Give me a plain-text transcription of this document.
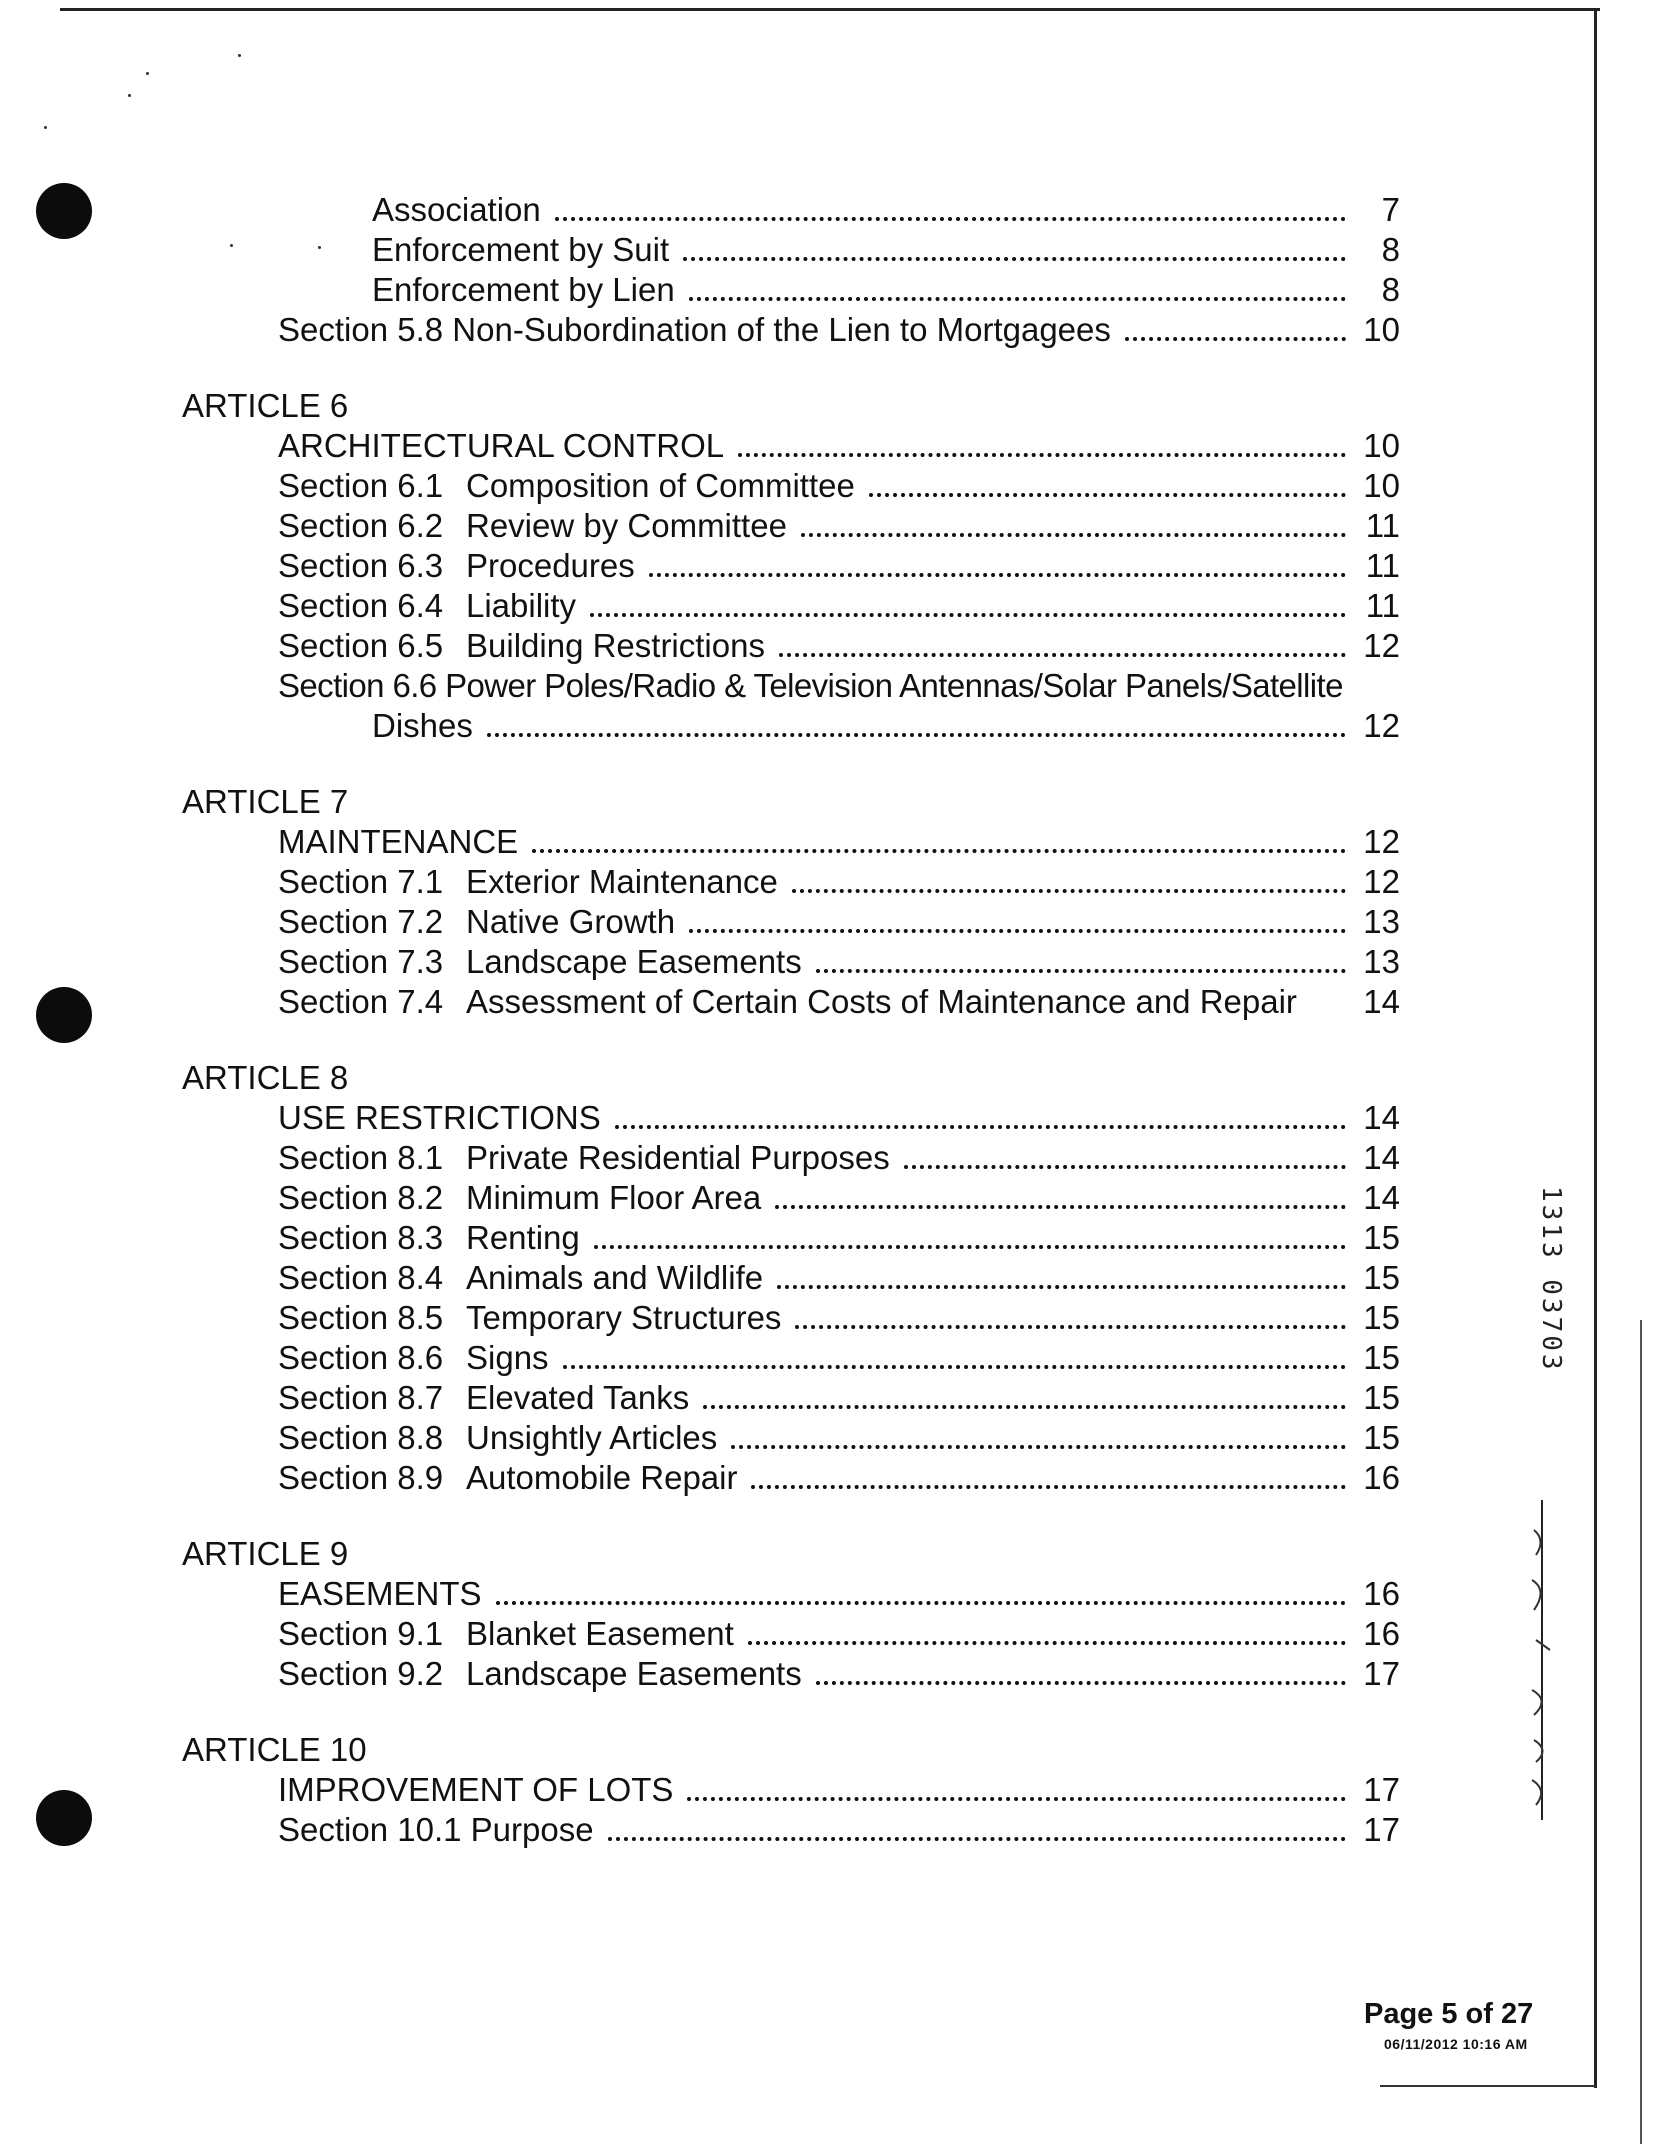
Association	7
Enforcement by Suit	8
Enforcement by Lien	8
Section 5.8 Non-Subordination of the Lien to Mortgagees	10
ARTICLE 6
ARCHITECTURAL CONTROL	10
Section 6.1 Composition of Committee	10
Section 6.2 Review by Committee	11
Section 6.3 Procedures	11
Section 6.4 Liability	11
Section 6.5 Building Restrictions	12
Section 6.6 Power Poles/Radio & Television Antennas/Solar Panels/Satellite
Dishes	12
ARTICLE 7
MAINTENANCE	12
Section 7.1 Exterior Maintenance	12
Section 7.2 Native Growth	13
Section 7.3 Landscape Easements	13
Section 7.4 Assessment of Certain Costs of Maintenance and Repair 14
ARTICLE 8
USE RESTRICTIONS	14
Section 8.1 Private Residential Purposes	14
Section 8.2 Minimum Floor Area	14
Section 8.3 Renting	15
Section 8.4 Animals and Wildlife	15
Section 8.5 Temporary Structures	15
Section 8.6 Signs	15
Section 8.7 Elevated Tanks	15
Section 8.8 Unsightly Articles	15
Section 8.9 Automobile Repair	16
ARTICLE 9
EASEMENTS	16
Section 9.1 Blanket Easement	16
Section 9.2 Landscape Easements	17
ARTICLE 10
IMPROVEMENT OF LOTS	17
Section 10.1 Purpose	17
1313 03703
Page 5 of 27
06/11/2012 10:16 AM
